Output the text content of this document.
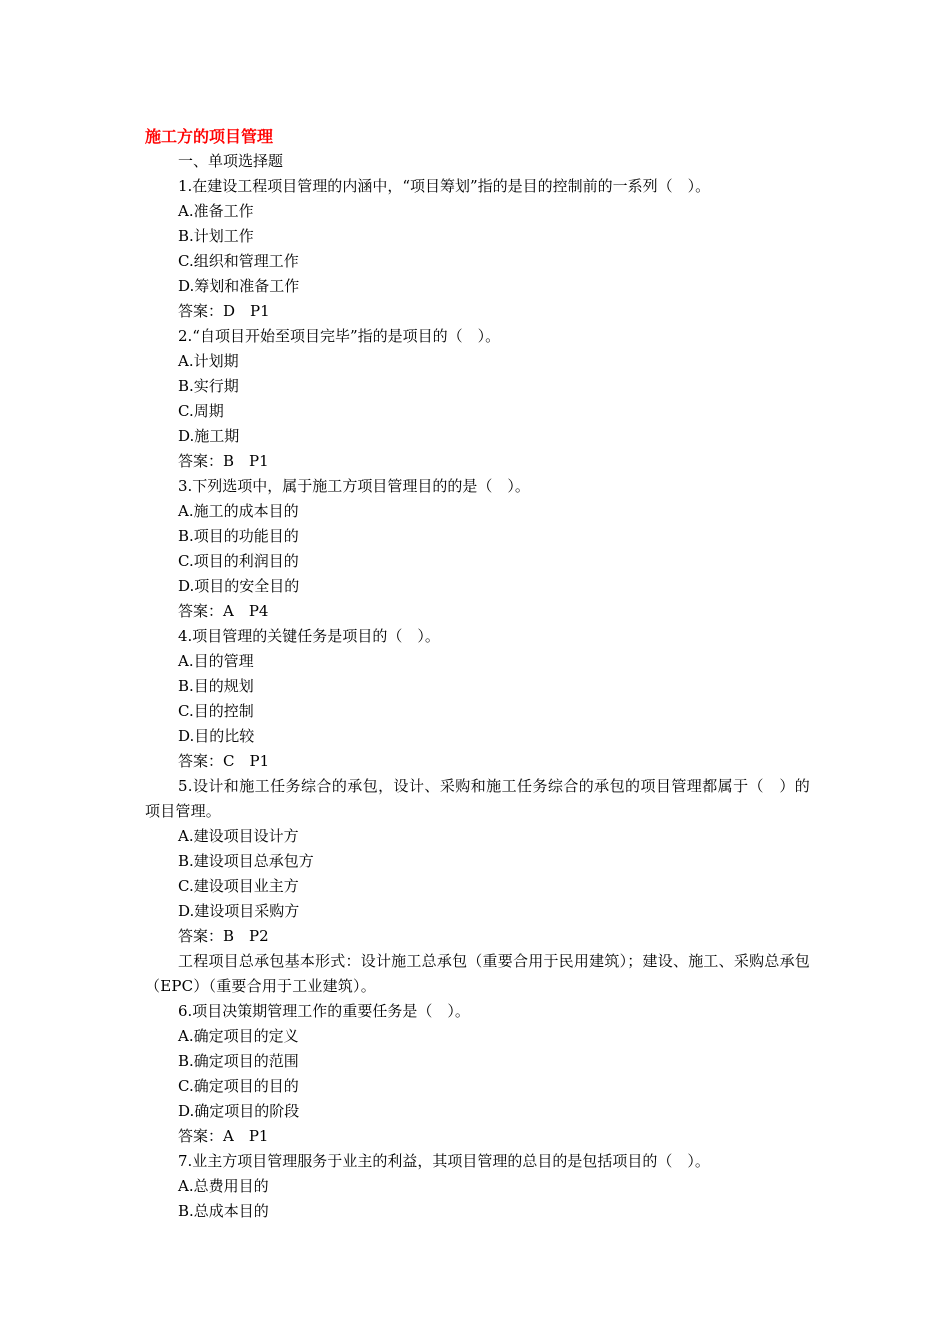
施工方的项目管理
一、单项选择题
1.在建设工程项目管理的内涵中，“项目筹划”指的是目的控制前的一系列（　）。
A.准备工作
B.计划工作
C.组织和管理工作
D.筹划和准备工作
答案：D　P1
2.“自项目开始至项目完毕”指的是项目的（　）。
A.计划期
B.实行期
C.周期
D.施工期
答案：B　P1
3.下列选项中，属于施工方项目管理目的的是（　）。
A.施工的成本目的
B.项目的功能目的
C.项目的利润目的
D.项目的安全目的
答案：A　P4
4.项目管理的关键任务是项目的（　）。
A.目的管理
B.目的规划
C.目的控制
D.目的比较
答案：C　P1
5.设计和施工任务综合的承包，设计、采购和施工任务综合的承包的项目管理都属于（　）的项目管理。
A.建设项目设计方
B.建设项目总承包方
C.建设项目业主方
D.建设项目采购方
答案：B　P2
工程项目总承包基本形式：设计施工总承包（重要合用于民用建筑）；建设、施工、采购总承包（EPC）（重要合用于工业建筑）。
6.项目决策期管理工作的重要任务是（　）。
A.确定项目的定义
B.确定项目的范围
C.确定项目的目的
D.确定项目的阶段
答案：A　P1
7.业主方项目管理服务于业主的利益，其项目管理的总目的是包括项目的（　）。
A.总费用目的
B.总成本目的
